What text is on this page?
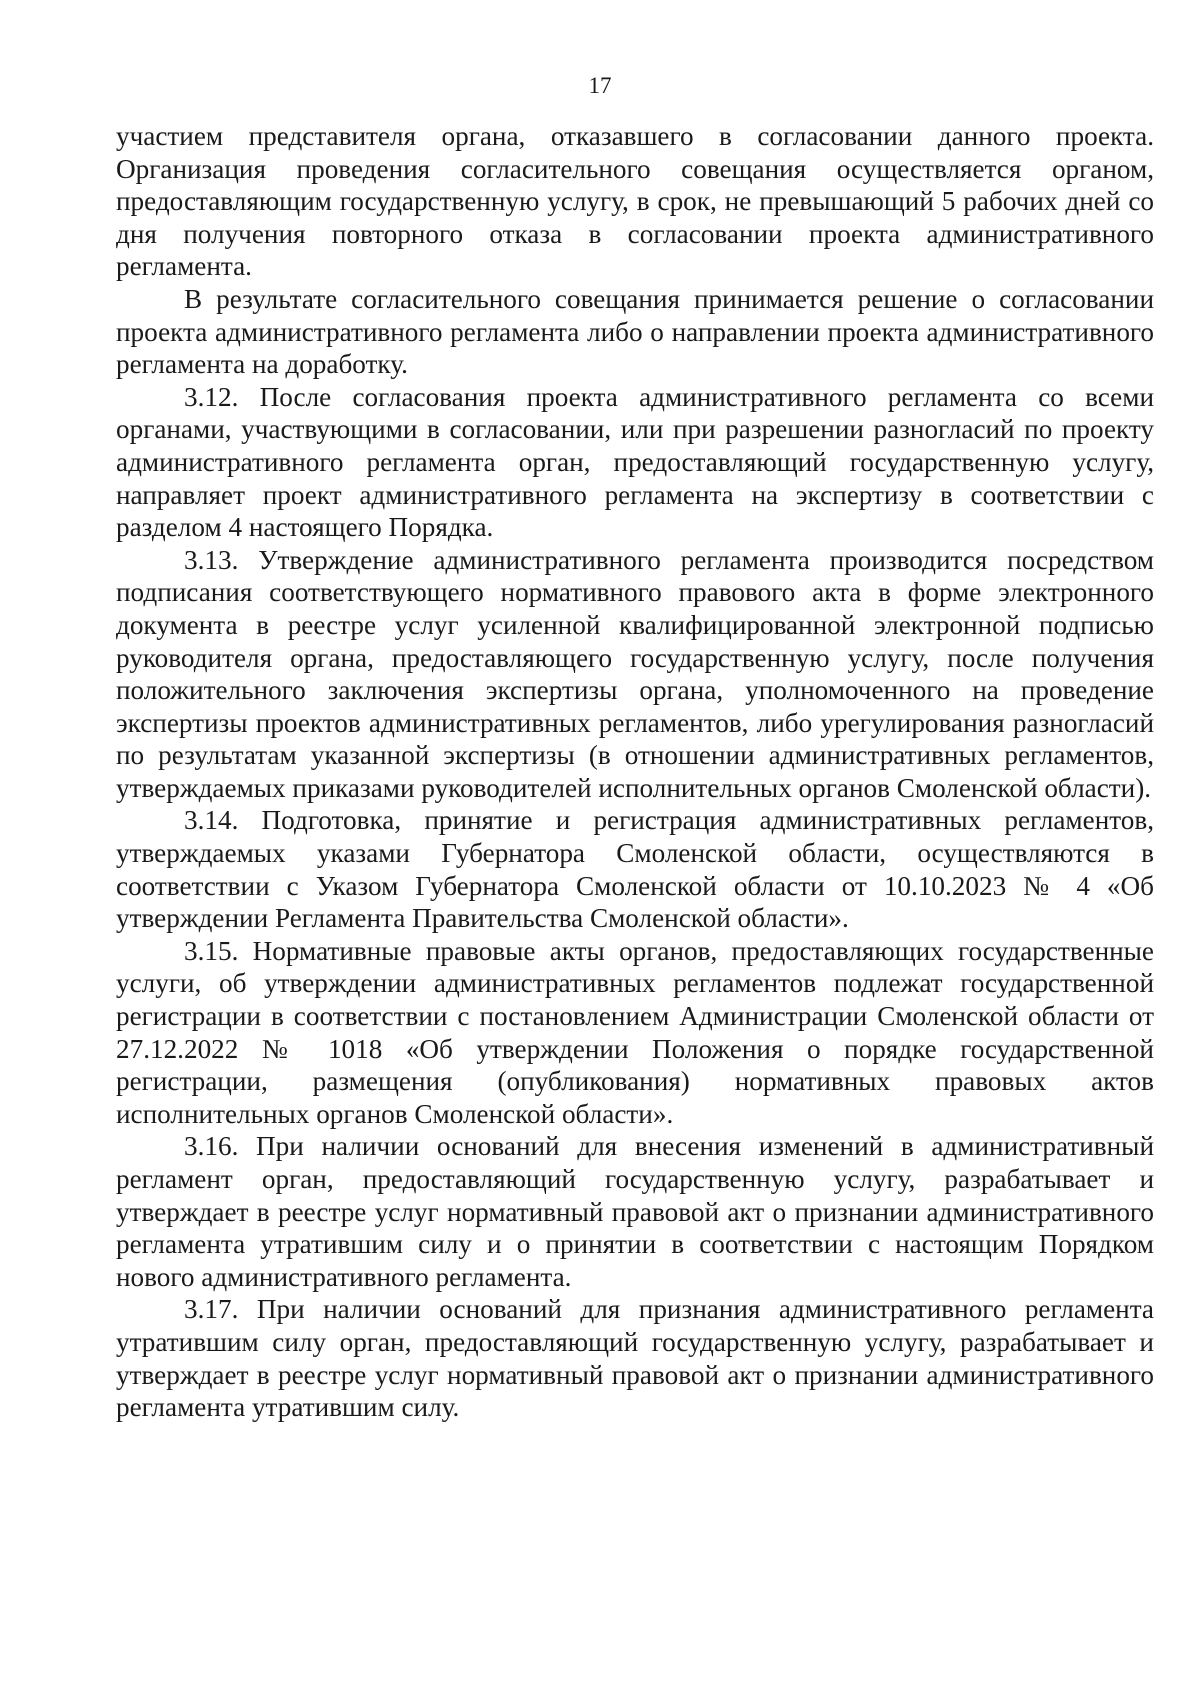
17

участием представителя органа, отказавшего в согласовании данного проекта. Организация проведения согласительного совещания осуществляется органом, предоставляющим государственную услугу, в срок, не превышающий 5 рабочих дней со дня получения повторного отказа в согласовании проекта административного регламента.

В результате согласительного совещания принимается решение о согласовании проекта административного регламента либо о направлении проекта административного регламента на доработку.

3.12. После согласования проекта административного регламента со всеми органами, участвующими в согласовании, или при разрешении разногласий по проекту административного регламента орган, предоставляющий государственную услугу, направляет проект административного регламента на экспертизу в соответствии с разделом 4 настоящего Порядка.

3.13. Утверждение административного регламента производится посредством подписания соответствующего нормативного правового акта в форме электронного документа в реестре услуг усиленной квалифицированной электронной подписью руководителя органа, предоставляющего государственную услугу, после получения положительного заключения экспертизы органа, уполномоченного на проведение экспертизы проектов административных регламентов, либо урегулирования разногласий по результатам указанной экспертизы (в отношении административных регламентов, утверждаемых приказами руководителей исполнительных органов Смоленской области).

3.14. Подготовка, принятие и регистрация административных регламентов, утверждаемых указами Губернатора Смоленской области, осуществляются в соответствии с Указом Губернатора Смоленской области от 10.10.2023 № 4 «Об утверждении Регламента Правительства Смоленской области».

3.15. Нормативные правовые акты органов, предоставляющих государственные услуги, об утверждении административных регламентов подлежат государственной регистрации в соответствии с постановлением Администрации Смоленской области от 27.12.2022 № 1018 «Об утверждении Положения о порядке государственной регистрации, размещения (опубликования) нормативных правовых актов исполнительных органов Смоленской области».

3.16. При наличии оснований для внесения изменений в административный регламент орган, предоставляющий государственную услугу, разрабатывает и утверждает в реестре услуг нормативный правовой акт о признании административного регламента утратившим силу и о принятии в соответствии с настоящим Порядком нового административного регламента.

3.17. При наличии оснований для признания административного регламента утратившим силу орган, предоставляющий государственную услугу, разрабатывает и утверждает в реестре услуг нормативный правовой акт о признании административного регламента утратившим силу.
